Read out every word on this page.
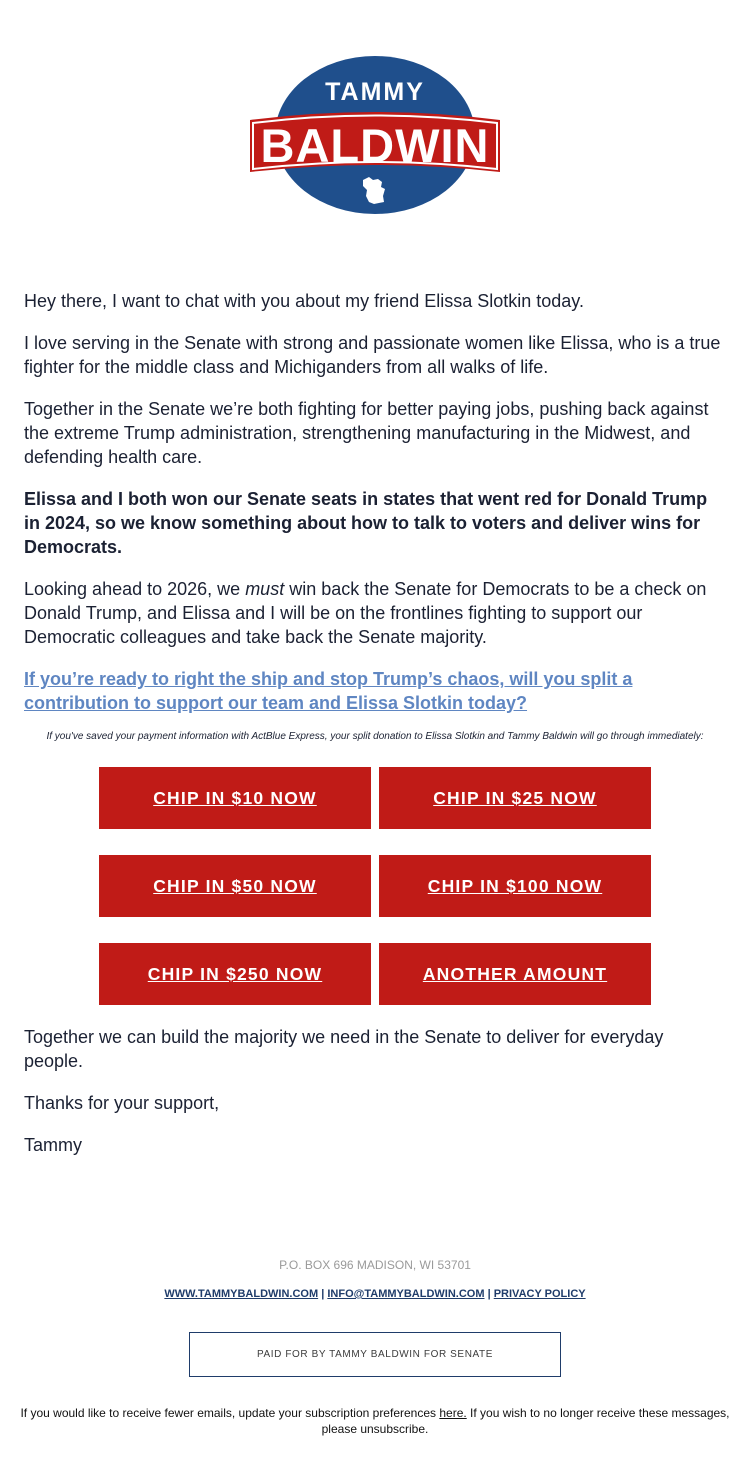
TAMMY
BALDWIN

Hey there, I want to chat with you about my friend Elissa Slotkin today.

I love serving in the Senate with strong and passionate women like Elissa, who is a true fighter for the middle class and Michiganders from all walks of life.

Together in the Senate we’re both fighting for better paying jobs, pushing back against the extreme Trump administration, strengthening manufacturing in the Midwest, and defending health care.

Elissa and I both won our Senate seats in states that went red for Donald Trump in 2024, so we know something about how to talk to voters and deliver wins for Democrats.

Looking ahead to 2026, we must win back the Senate for Democrats to be a check on Donald Trump, and Elissa and I will be on the frontlines fighting to support our Democratic colleagues and take back the Senate majority.

If you’re ready to right the ship and stop Trump’s chaos, will you split a contribution to support our team and Elissa Slotkin today?

If you've saved your payment information with ActBlue Express, your split donation to Elissa Slotkin and Tammy Baldwin will go through immediately:
CHIP IN $10 NOW	CHIP IN $25 NOW
CHIP IN $50 NOW	CHIP IN $100 NOW
CHIP IN $250 NOW	ANOTHER AMOUNT

Together we can build the majority we need in the Senate to deliver for everyday people.

Thanks for your support,

Tammy

P.O. BOX 696 MADISON, WI 53701
WWW.TAMMYBALDWIN.COM | INFO@TAMMYBALDWIN.COM | PRIVACY POLICY
PAID FOR BY TAMMY BALDWIN FOR SENATE
If you would like to receive fewer emails, update your subscription preferences here. If you wish to no longer receive these messages, please unsubscribe.
